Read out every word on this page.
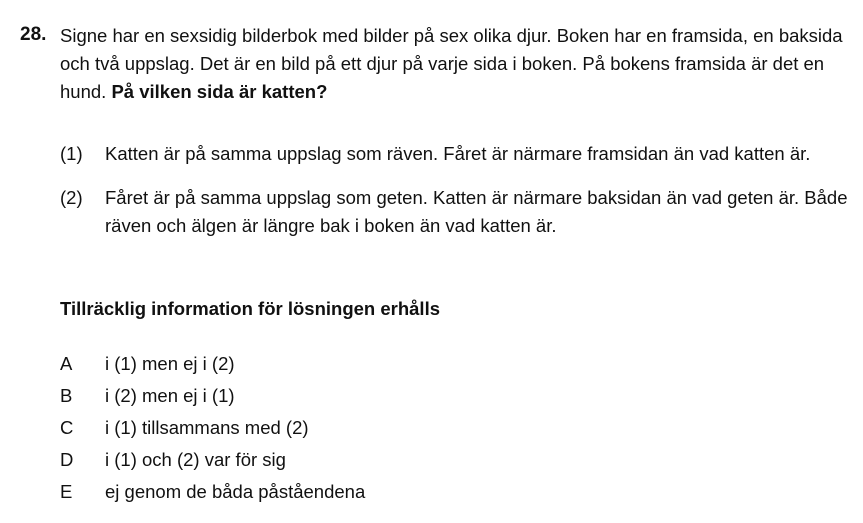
28. Signe har en sexsidig bilderbok med bilder på sex olika djur. Boken har en framsida, en baksida och två uppslag. Det är en bild på ett djur på varje sida i boken. På bokens framsida är det en hund. På vilken sida är katten?
(1) Katten är på samma uppslag som räven. Fåret är närmare framsidan än vad katten är.
(2) Fåret är på samma uppslag som geten. Katten är närmare baksidan än vad geten är. Både räven och älgen är längre bak i boken än vad katten är.
Tillräcklig information för lösningen erhålls
A i (1) men ej i (2)
B i (2) men ej i (1)
C i (1) tillsammans med (2)
D i (1) och (2) var för sig
E ej genom de båda påståendena
